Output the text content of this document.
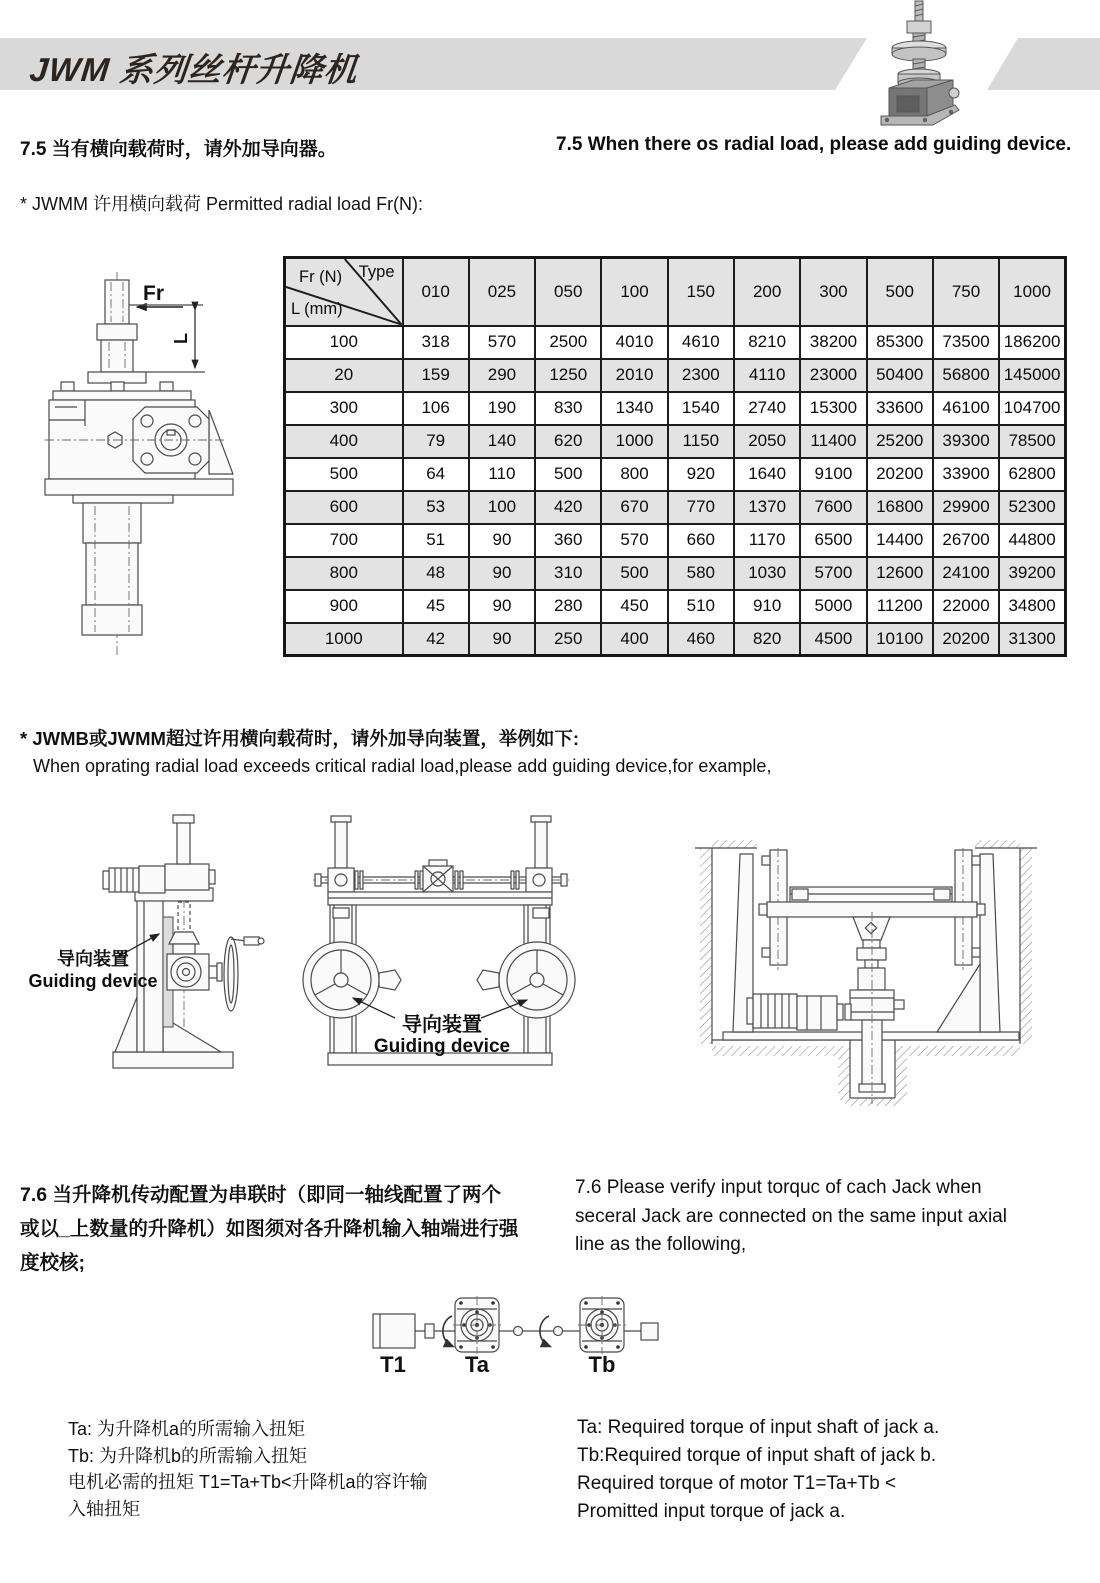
JWM 系列丝杆升降机
7.5 当有横向载荷时，请外加导向器。	7.5 When there os radial load, please add guiding device.
* JWMM 许用横向载荷 Permitted radial load Fr(N):
Fr
L
Fr (N) Type
L (mm)	010	025	050	100	150	200	300	500	750	1000
100	318	570	2500	4010	4610	8210	38200	85300	73500	186200
20	159	290	1250	2010	2300	4110	23000	50400	56800	145000
300	106	190	830	1340	1540	2740	15300	33600	46100	104700
400	79	140	620	1000	1150	2050	11400	25200	39300	78500
500	64	110	500	800	920	1640	9100	20200	33900	62800
600	53	100	420	670	770	1370	7600	16800	29900	52300
700	51	90	360	570	660	1170	6500	14400	26700	44800
800	48	90	310	500	580	1030	5700	12600	24100	39200
900	45	90	280	450	510	910	5000	11200	22000	34800
1000	42	90	250	400	460	820	4500	10100	20200	31300
* JWMB或JWMM超过许用横向载荷时，请外加导向装置，举例如下:
When oprating radial load exceeds critical radial load,please add guiding device,for example,
导向装置
Guiding device
导向装置
Guiding device
7.6 当升降机传动配置为串联时（即同一轴线配置了两个
或以_上数量的升降机）如图须对各升降机输入轴端进行强
度校核;
7.6 Please verify input torquc of cach Jack when
seceral Jack are connected on the same input axial
line as the following,
T1	Ta	Tb
Ta: 为升降机a的所需输入扭矩
Tb: 为升降机b的所需输入扭矩
电机必需的扭矩 T1=Ta+Tb<升降机a的容许输
入轴扭矩
Ta: Required torque of input shaft of jack a.
Tb:Required torque of input shaft of jack b.
Required torque of motor T1=Ta+Tb <
Promitted input torque of jack a.
